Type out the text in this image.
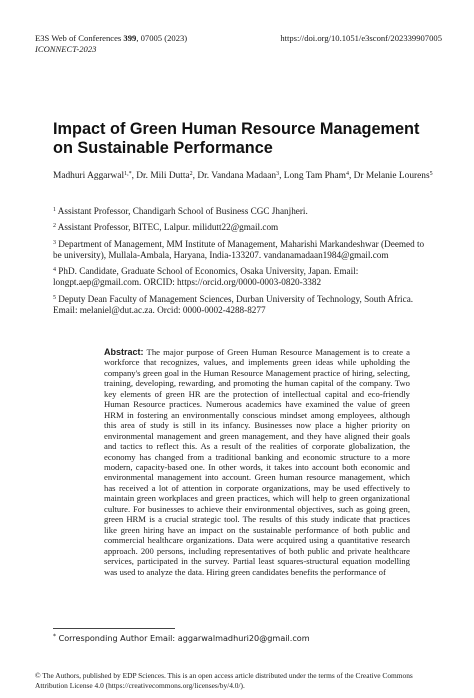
E3S Web of Conferences 399, 07005 (2023)
ICONNECT-2023
https://doi.org/10.1051/e3sconf/202339907005
Impact of Green Human Resource Management on Sustainable Performance
Madhuri Aggarwal$^{1,*}$, Dr. Mili Dutta$^2$, Dr. Vandana Madaan$^3$, Long Tam Pham$^4$, Dr Melanie Lourens$^5$
$^1$ Assistant Professor, Chandigarh School of Business CGC Jhanjheri.
$^2$ Assistant Professor, BITEC, Lalpur. milidutt22@gmail.com
$^3$ Department of Management, MM Institute of Management, Maharishi Markandeshwar (Deemed to be university), Mullala-Ambala, Haryana, India-133207. vandanamadaan1984@gmail.com
$^4$ PhD. Candidate, Graduate School of Economics, Osaka University, Japan. Email: longpt.aep@gmail.com. ORCID: https://orcid.org/0000-0003-0820-3382
$^5$ Deputy Dean Faculty of Management Sciences, Durban University of Technology, South Africa. Email: melaniel@dut.ac.za. Orcid: 0000-0002-4288-8277
Abstract: The major purpose of Green Human Resource Management is to create a workforce that recognizes, values, and implements green ideas while upholding the company's green goal in the Human Resource Management practice of hiring, selecting, training, developing, rewarding, and promoting the human capital of the company. Two key elements of green HR are the protection of intellectual capital and eco-friendly Human Resource practices. Numerous academics have examined the value of green HRM in fostering an environmentally conscious mindset among employees, although this area of study is still in its infancy. Businesses now place a higher priority on environmental management and green management, and they have aligned their goals and tactics to reflect this. As a result of the realities of corporate globalization, the economy has changed from a traditional banking and economic structure to a more modern, capacity-based one. In other words, it takes into account both economic and environmental management into account. Green human resource management, which has received a lot of attention in corporate organizations, may be used effectively to maintain green workplaces and green practices, which will help to green organizational culture. For businesses to achieve their environmental objectives, such as going green, green HRM is a crucial strategic tool. The results of this study indicate that practices like green hiring have an impact on the sustainable performance of both public and commercial healthcare organizations. Data were acquired using a quantitative research approach. 200 persons, including representatives of both public and private healthcare services, participated in the survey. Partial least squares-structural equation modelling was used to analyze the data. Hiring green candidates benefits the performance of
* Corresponding Author Email: aggarwalmadhuri20@gmail.com
© The Authors, published by EDP Sciences. This is an open access article distributed under the terms of the Creative Commons Attribution License 4.0 (https://creativecommons.org/licenses/by/4.0/).
